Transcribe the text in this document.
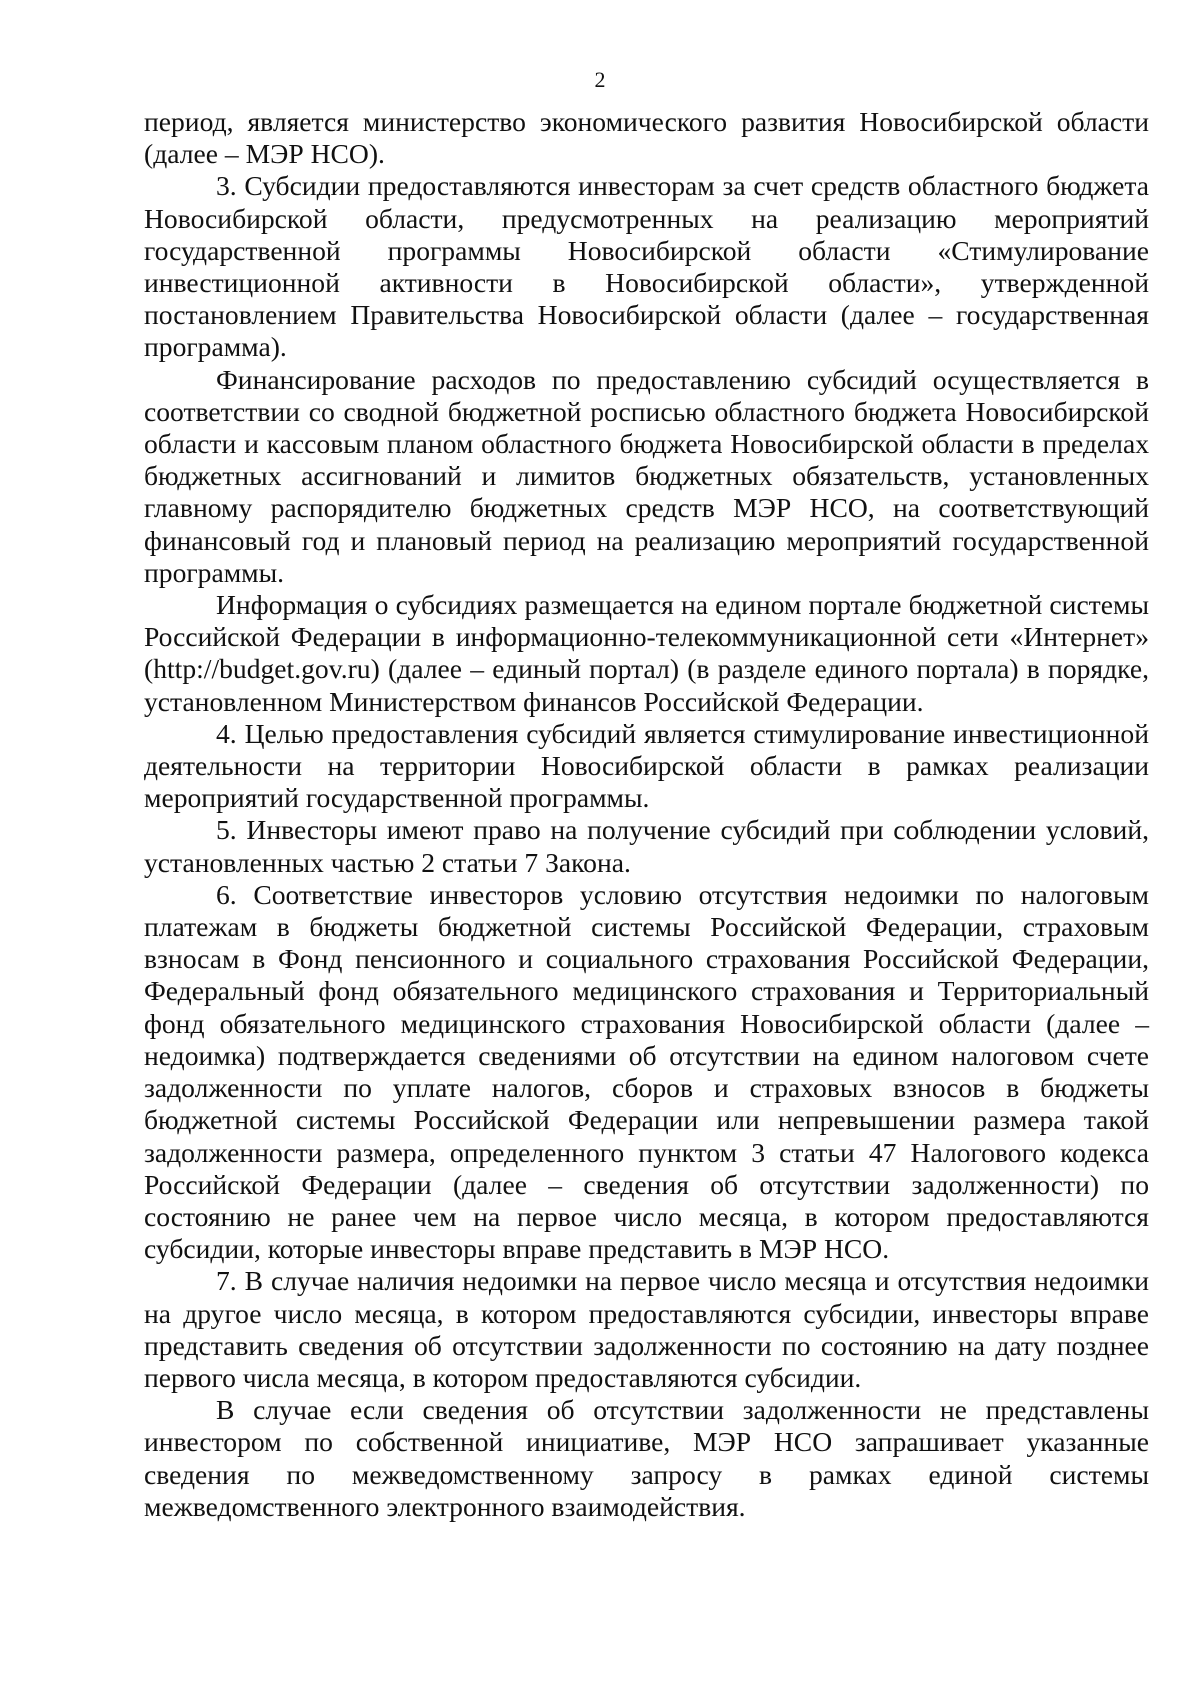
2

период, является министерство экономического развития Новосибирской области (далее – МЭР НСО).

3. Субсидии предоставляются инвесторам за счет средств областного бюджета Новосибирской области, предусмотренных на реализацию мероприятий государственной программы Новосибирской области «Стимулирование инвестиционной активности в Новосибирской области», утвержденной постановлением Правительства Новосибирской области (далее – государственная программа).

Финансирование расходов по предоставлению субсидий осуществляется в соответствии со сводной бюджетной росписью областного бюджета Новосибирской области и кассовым планом областного бюджета Новосибирской области в пределах бюджетных ассигнований и лимитов бюджетных обязательств, установленных главному распорядителю бюджетных средств МЭР НСО, на соответствующий финансовый год и плановый период на реализацию мероприятий государственной программы.

Информация о субсидиях размещается на едином портале бюджетной системы Российской Федерации в информационно-телекоммуникационной сети «Интернет» (http://budget.gov.ru) (далее – единый портал) (в разделе единого портала) в порядке, установленном Министерством финансов Российской Федерации.

4. Целью предоставления субсидий является стимулирование инвестиционной деятельности на территории Новосибирской области в рамках реализации мероприятий государственной программы.

5. Инвесторы имеют право на получение субсидий при соблюдении условий, установленных частью 2 статьи 7 Закона.

6. Соответствие инвесторов условию отсутствия недоимки по налоговым платежам в бюджеты бюджетной системы Российской Федерации, страховым взносам в Фонд пенсионного и социального страхования Российской Федерации, Федеральный фонд обязательного медицинского страхования и Территориальный фонд обязательного медицинского страхования Новосибирской области (далее – недоимка) подтверждается сведениями об отсутствии на едином налоговом счете задолженности по уплате налогов, сборов и страховых взносов в бюджеты бюджетной системы Российской Федерации или непревышении размера такой задолженности размера, определенного пунктом 3 статьи 47 Налогового кодекса Российской Федерации (далее – сведения об отсутствии задолженности) по состоянию не ранее чем на первое число месяца, в котором предоставляются субсидии, которые инвесторы вправе представить в МЭР НСО.

7. В случае наличия недоимки на первое число месяца и отсутствия недоимки на другое число месяца, в котором предоставляются субсидии, инвесторы вправе представить сведения об отсутствии задолженности по состоянию на дату позднее первого числа месяца, в котором предоставляются субсидии.

В случае если сведения об отсутствии задолженности не представлены инвестором по собственной инициативе, МЭР НСО запрашивает указанные сведения по межведомственному запросу в рамках единой системы межведомственного электронного взаимодействия.
